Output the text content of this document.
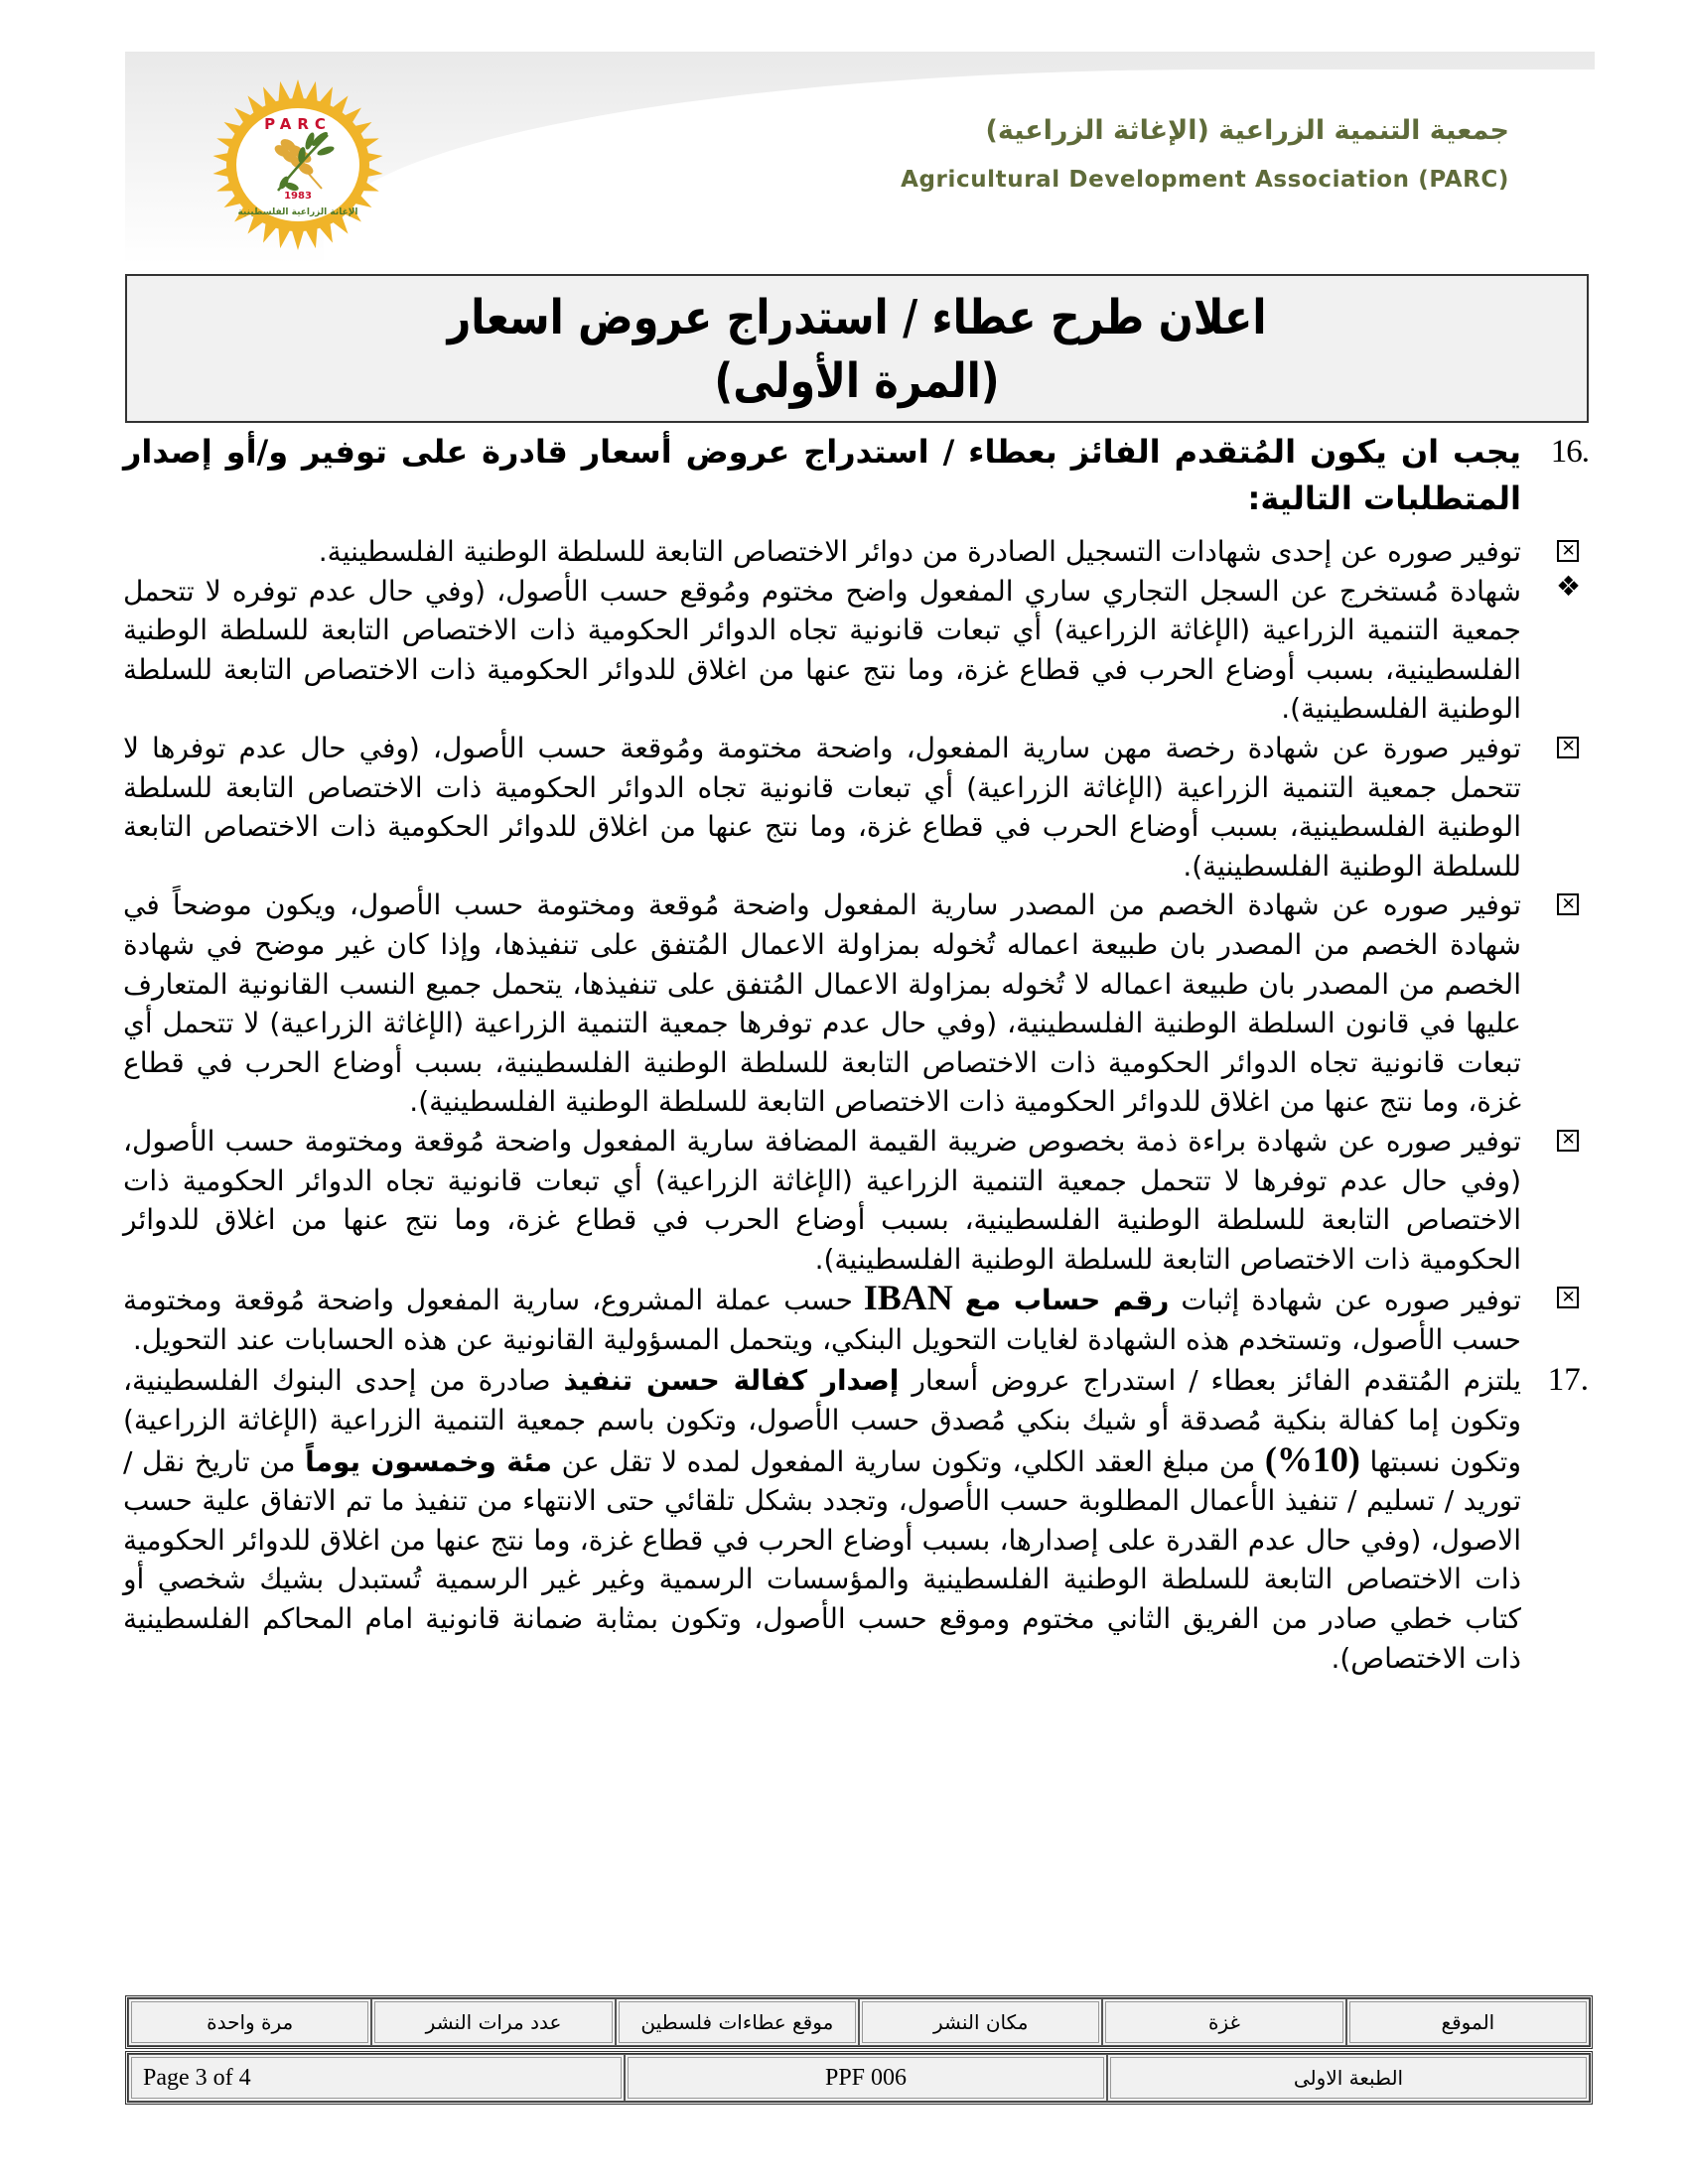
PARC
1983
الإغاثة الزراعية الفلسطينية
جمعية التنمية الزراعية (الإغاثة الزراعية)
Agricultural Development Association (PARC)
اعلان طرح عطاء / استدراج عروض اسعار
(المرة الأولى)
16.
يجب ان يكون المُتقدم الفائز بعطاء / استدراج عروض أسعار قادرة على توفير و/أو إصدار المتطلبات التالية:
✕
توفير صوره عن إحدى شهادات التسجيل الصادرة من دوائر الاختصاص التابعة للسلطة الوطنية الفلسطينية.
❖
شهادة مُستخرج عن السجل التجاري ساري المفعول واضح مختوم ومُوقع حسب الأصول، (وفي حال عدم توفره لا تتحمل جمعية التنمية الزراعية (الإغاثة الزراعية) أي تبعات قانونية تجاه الدوائر الحكومية ذات الاختصاص التابعة للسلطة الوطنية الفلسطينية، بسبب أوضاع الحرب في قطاع غزة، وما نتج عنها من اغلاق للدوائر الحكومية ذات الاختصاص التابعة للسلطة الوطنية الفلسطينية).
✕
توفير صورة عن شهادة رخصة مهن سارية المفعول، واضحة مختومة ومُوقعة حسب الأصول، (وفي حال عدم توفرها لا تتحمل جمعية التنمية الزراعية (الإغاثة الزراعية) أي تبعات قانونية تجاه الدوائر الحكومية ذات الاختصاص التابعة للسلطة الوطنية الفلسطينية، بسبب أوضاع الحرب في قطاع غزة، وما نتج عنها من اغلاق للدوائر الحكومية ذات الاختصاص التابعة للسلطة الوطنية الفلسطينية).
✕
توفير صوره عن شهادة الخصم من المصدر سارية المفعول واضحة مُوقعة ومختومة حسب الأصول، ويكون موضحاً في شهادة الخصم من المصدر بان طبيعة اعماله تُخوله بمزاولة الاعمال المُتفق على تنفيذها، وإذا كان غير موضح في شهادة الخصم من المصدر بان طبيعة اعماله لا تُخوله بمزاولة الاعمال المُتفق على تنفيذها، يتحمل جميع النسب القانونية المتعارف عليها في قانون السلطة الوطنية الفلسطينية، (وفي حال عدم توفرها جمعية التنمية الزراعية (الإغاثة الزراعية) لا تتحمل أي تبعات قانونية تجاه الدوائر الحكومية ذات الاختصاص التابعة للسلطة الوطنية الفلسطينية، بسبب أوضاع الحرب في قطاع غزة، وما نتج عنها من اغلاق للدوائر الحكومية ذات الاختصاص التابعة للسلطة الوطنية الفلسطينية).
✕
توفير صوره عن شهادة براءة ذمة بخصوص ضريبة القيمة المضافة سارية المفعول واضحة مُوقعة ومختومة حسب الأصول، (وفي حال عدم توفرها لا تتحمل جمعية التنمية الزراعية (الإغاثة الزراعية) أي تبعات قانونية تجاه الدوائر الحكومية ذات الاختصاص التابعة للسلطة الوطنية الفلسطينية، بسبب أوضاع الحرب في قطاع غزة، وما نتج عنها من اغلاق للدوائر الحكومية ذات الاختصاص التابعة للسلطة الوطنية الفلسطينية).
✕
توفير صوره عن شهادة إثبات رقم حساب مع IBAN حسب عملة المشروع، سارية المفعول واضحة مُوقعة ومختومة حسب الأصول، وتستخدم هذه الشهادة لغايات التحويل البنكي، ويتحمل المسؤولية القانونية عن هذه الحسابات عند التحويل.
17.
يلتزم المُتقدم الفائز بعطاء / استدراج عروض أسعار إصدار كفالة حسن تنفيذ صادرة من إحدى البنوك الفلسطينية، وتكون إما كفالة بنكية مُصدقة أو شيك بنكي مُصدق حسب الأصول، وتكون باسم جمعية التنمية الزراعية (الإغاثة الزراعية) وتكون نسبتها (10%) من مبلغ العقد الكلي، وتكون سارية المفعول لمده لا تقل عن مئة وخمسون يوماً من تاريخ نقل / توريد / تسليم / تنفيذ الأعمال المطلوبة حسب الأصول، وتجدد بشكل تلقائي حتى الانتهاء من تنفيذ ما تم الاتفاق علية حسب الاصول، (وفي حال عدم القدرة على إصدارها، بسبب أوضاع الحرب في قطاع غزة، وما نتج عنها من اغلاق للدوائر الحكومية ذات الاختصاص التابعة للسلطة الوطنية الفلسطينية والمؤسسات الرسمية وغير غير الرسمية تُستبدل بشيك شخصي أو كتاب خطي صادر من الفريق الثاني مختوم وموقع حسب الأصول، وتكون بمثابة ضمانة قانونية امام المحاكم الفلسطينية ذات الاختصاص).
الموقع
غزة
مكان النشر
موقع عطاءات فلسطين
عدد مرات النشر
مرة واحدة
الطبعة الاولى
PPF 006
Page 3 of 4
